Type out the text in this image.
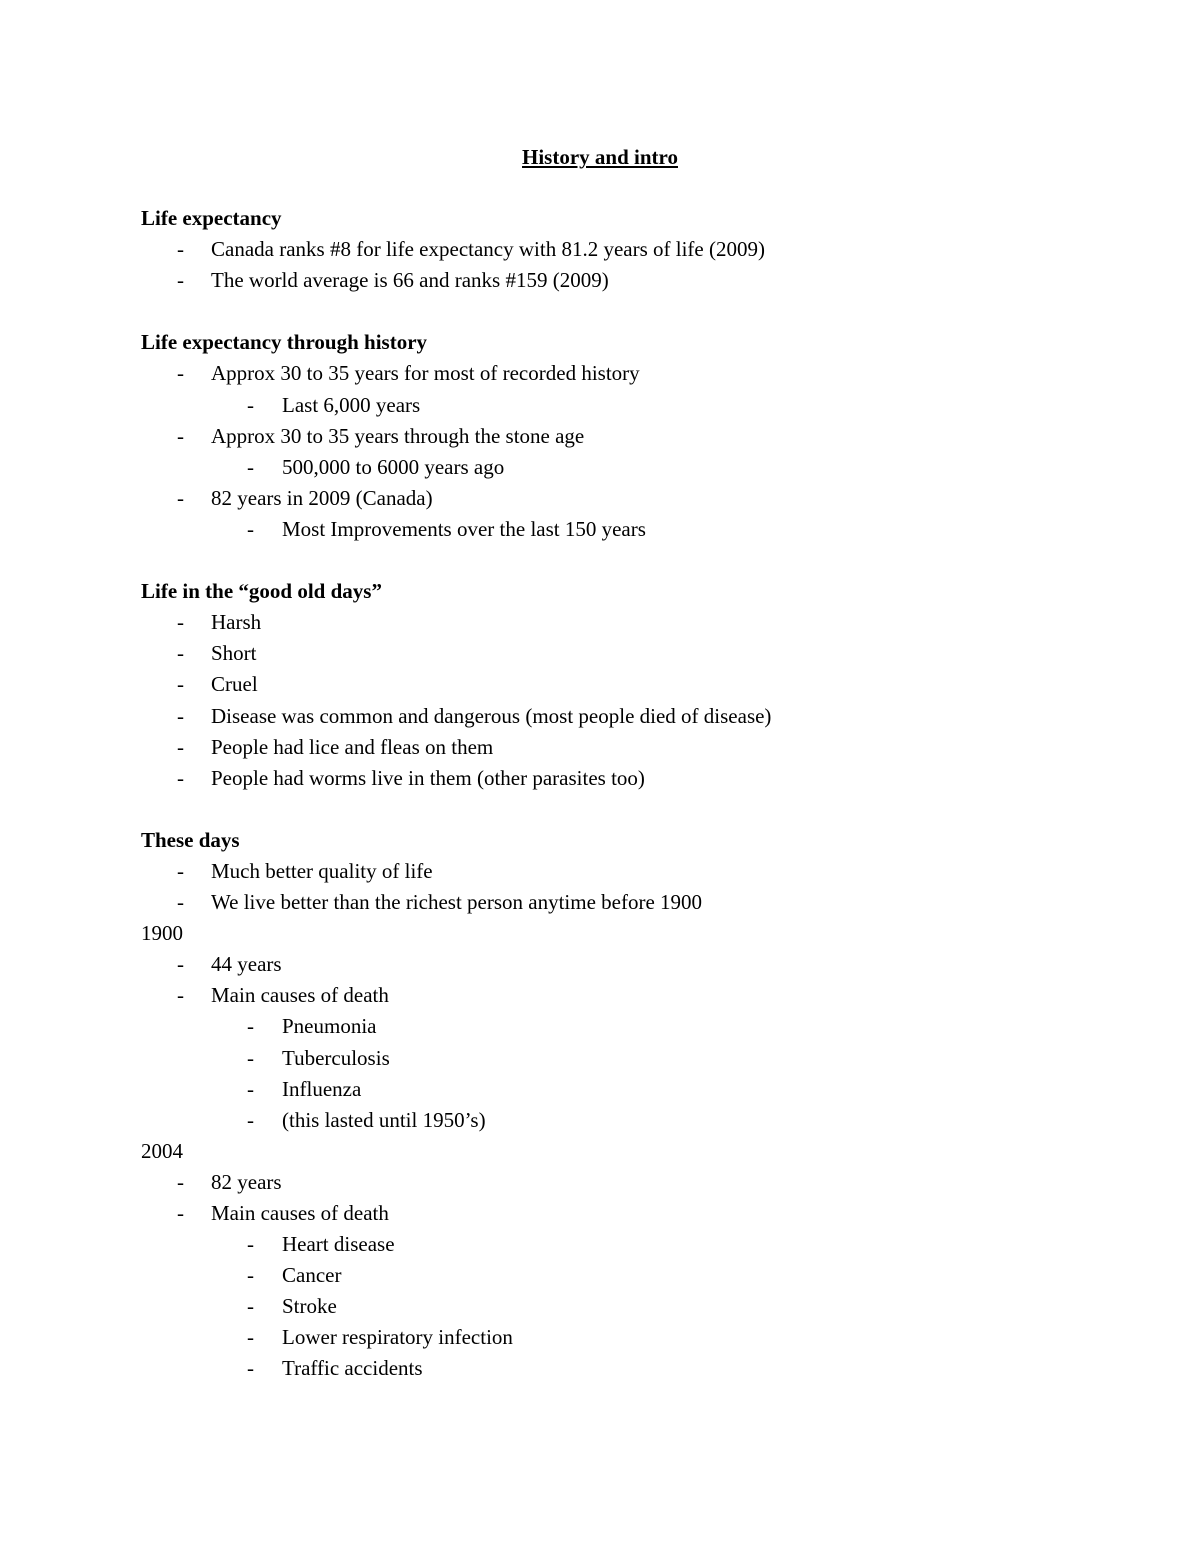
History and intro
Life expectancy
- Canada ranks #8 for life expectancy with 81.2 years of life (2009)
- The world average is 66 and ranks #159 (2009)
Life expectancy through history
- Approx 30 to 35 years for most of recorded history
- Last 6,000 years
- Approx 30 to 35 years through the stone age
- 500,000 to 6000 years ago
- 82 years in 2009 (Canada)
- Most Improvements over the last 150 years
Life in the “good old days”
- Harsh
- Short
- Cruel
- Disease was common and dangerous (most people died of disease)
- People had lice and fleas on them
- People had worms live in them (other parasites too)
These days
- Much better quality of life
- We live better than the richest person anytime before 1900
1900
- 44 years
- Main causes of death
- Pneumonia
- Tuberculosis
- Influenza
- (this lasted until 1950’s)
2004
- 82 years
- Main causes of death
- Heart disease
- Cancer
- Stroke
- Lower respiratory infection
- Traffic accidents
